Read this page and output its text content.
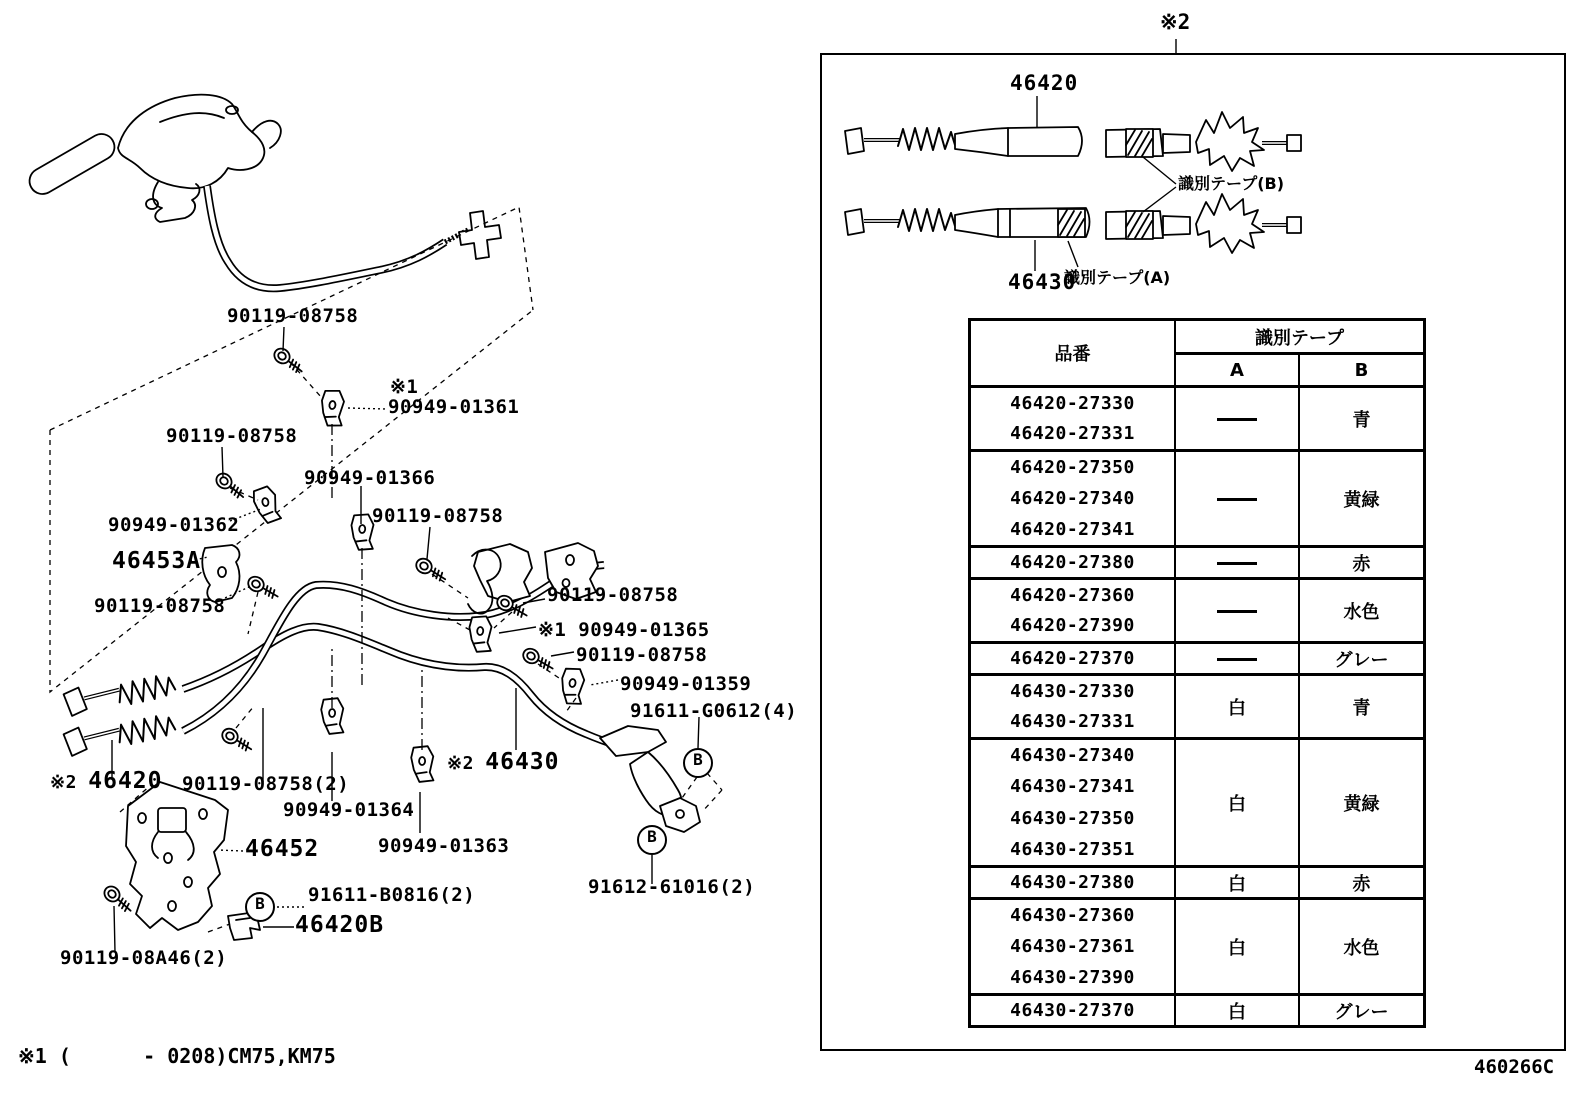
90119-08758
※1
90949-01361
90119-08758
90949-01366
90949-01362	90119-08758
46453A
90119-08758	90119-08758
※1 90949-01365
90119-08758
90949-01359
91611-G0612(4)
※2 46430
※2 46420 90119-08758(2)
90949-01364
90949-01363
46452
91611-B0816(2)
46420B
90119-08A46(2)
91612-61016(2)
B
B
B
※2
46420
46430
識別テープ(B)
識別テープ(A)
品番	識別テープ	
	A	B
46420-27330		青
46420-27331		
46420-27350		黄緑
46420-27340		
46420-27341		
46420-27380		赤
46420-27360		水色
46420-27390		
46420-27370		グレー
46430-27330	白	青
46430-27331		
46430-27340	白	黄緑
46430-27341		
46430-27350		
46430-27351		
46430-27380	白	赤
46430-27360	白	水色
46430-27361		
46430-27390		
46430-27370	白	グレー
※1 (      - 0208)CM75,KM75	460266C
